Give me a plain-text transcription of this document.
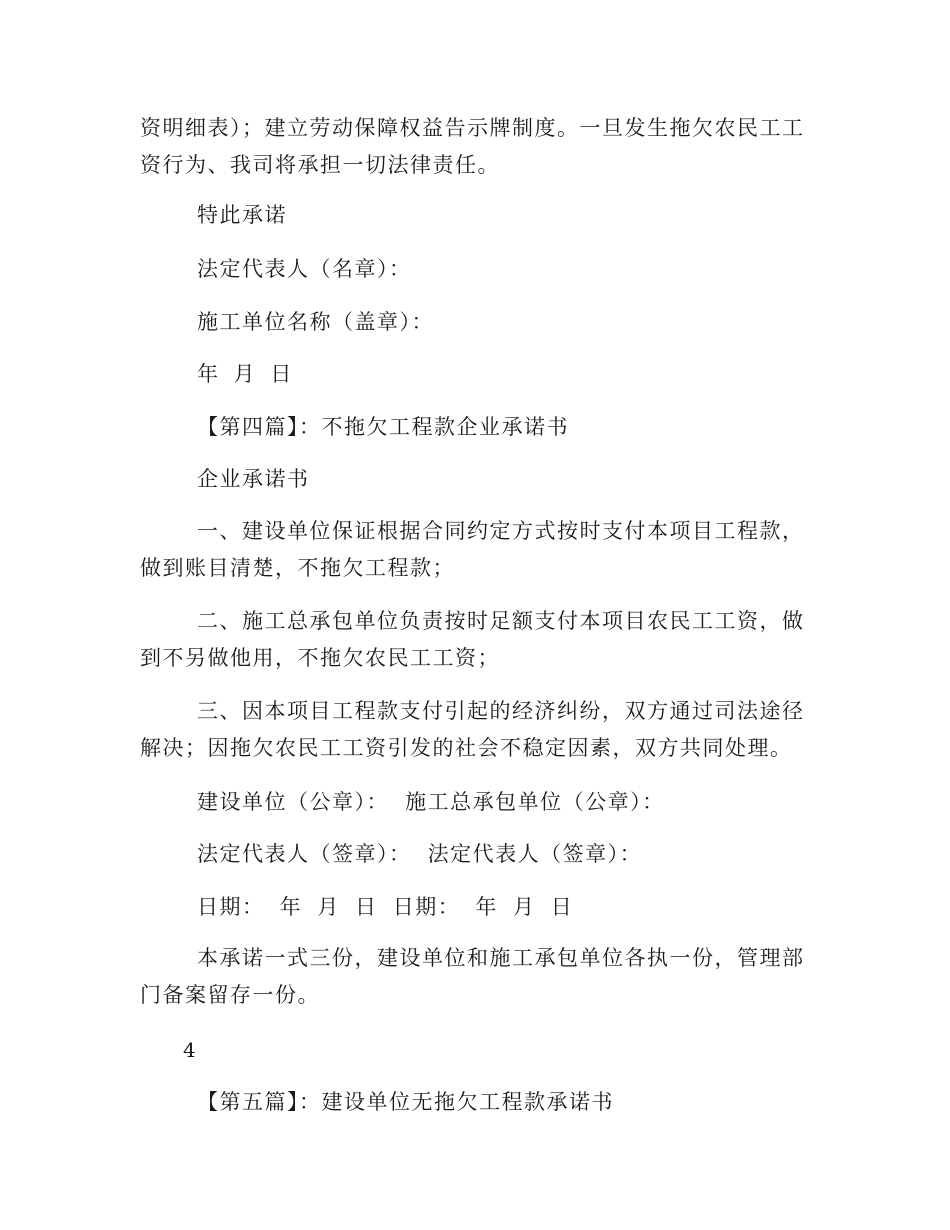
资明细表）；建立劳动保障权益告示牌制度。一旦发生拖欠农民工工资行为、我司将承担一切法律责任。
特此承诺
法定代表人（名章）：
施工单位名称（盖章）：
年 月 日
【第四篇】：不拖欠工程款企业承诺书
企业承诺书
一、建设单位保证根据合同约定方式按时支付本项目工程款，做到账目清楚，不拖欠工程款；
二、施工总承包单位负责按时足额支付本项目农民工工资，做到不另做他用，不拖欠农民工工资；
三、因本项目工程款支付引起的经济纠纷，双方通过司法途径解决；因拖欠农民工工资引发的社会不稳定因素，双方共同处理。
建设单位（公章）： 施工总承包单位（公章）：
法定代表人（签章）： 法定代表人（签章）：
日期： 年 月 日 日期： 年 月 日
本承诺一式三份，建设单位和施工承包单位各执一份，管理部门备案留存一份。
4
【第五篇】：建设单位无拖欠工程款承诺书
